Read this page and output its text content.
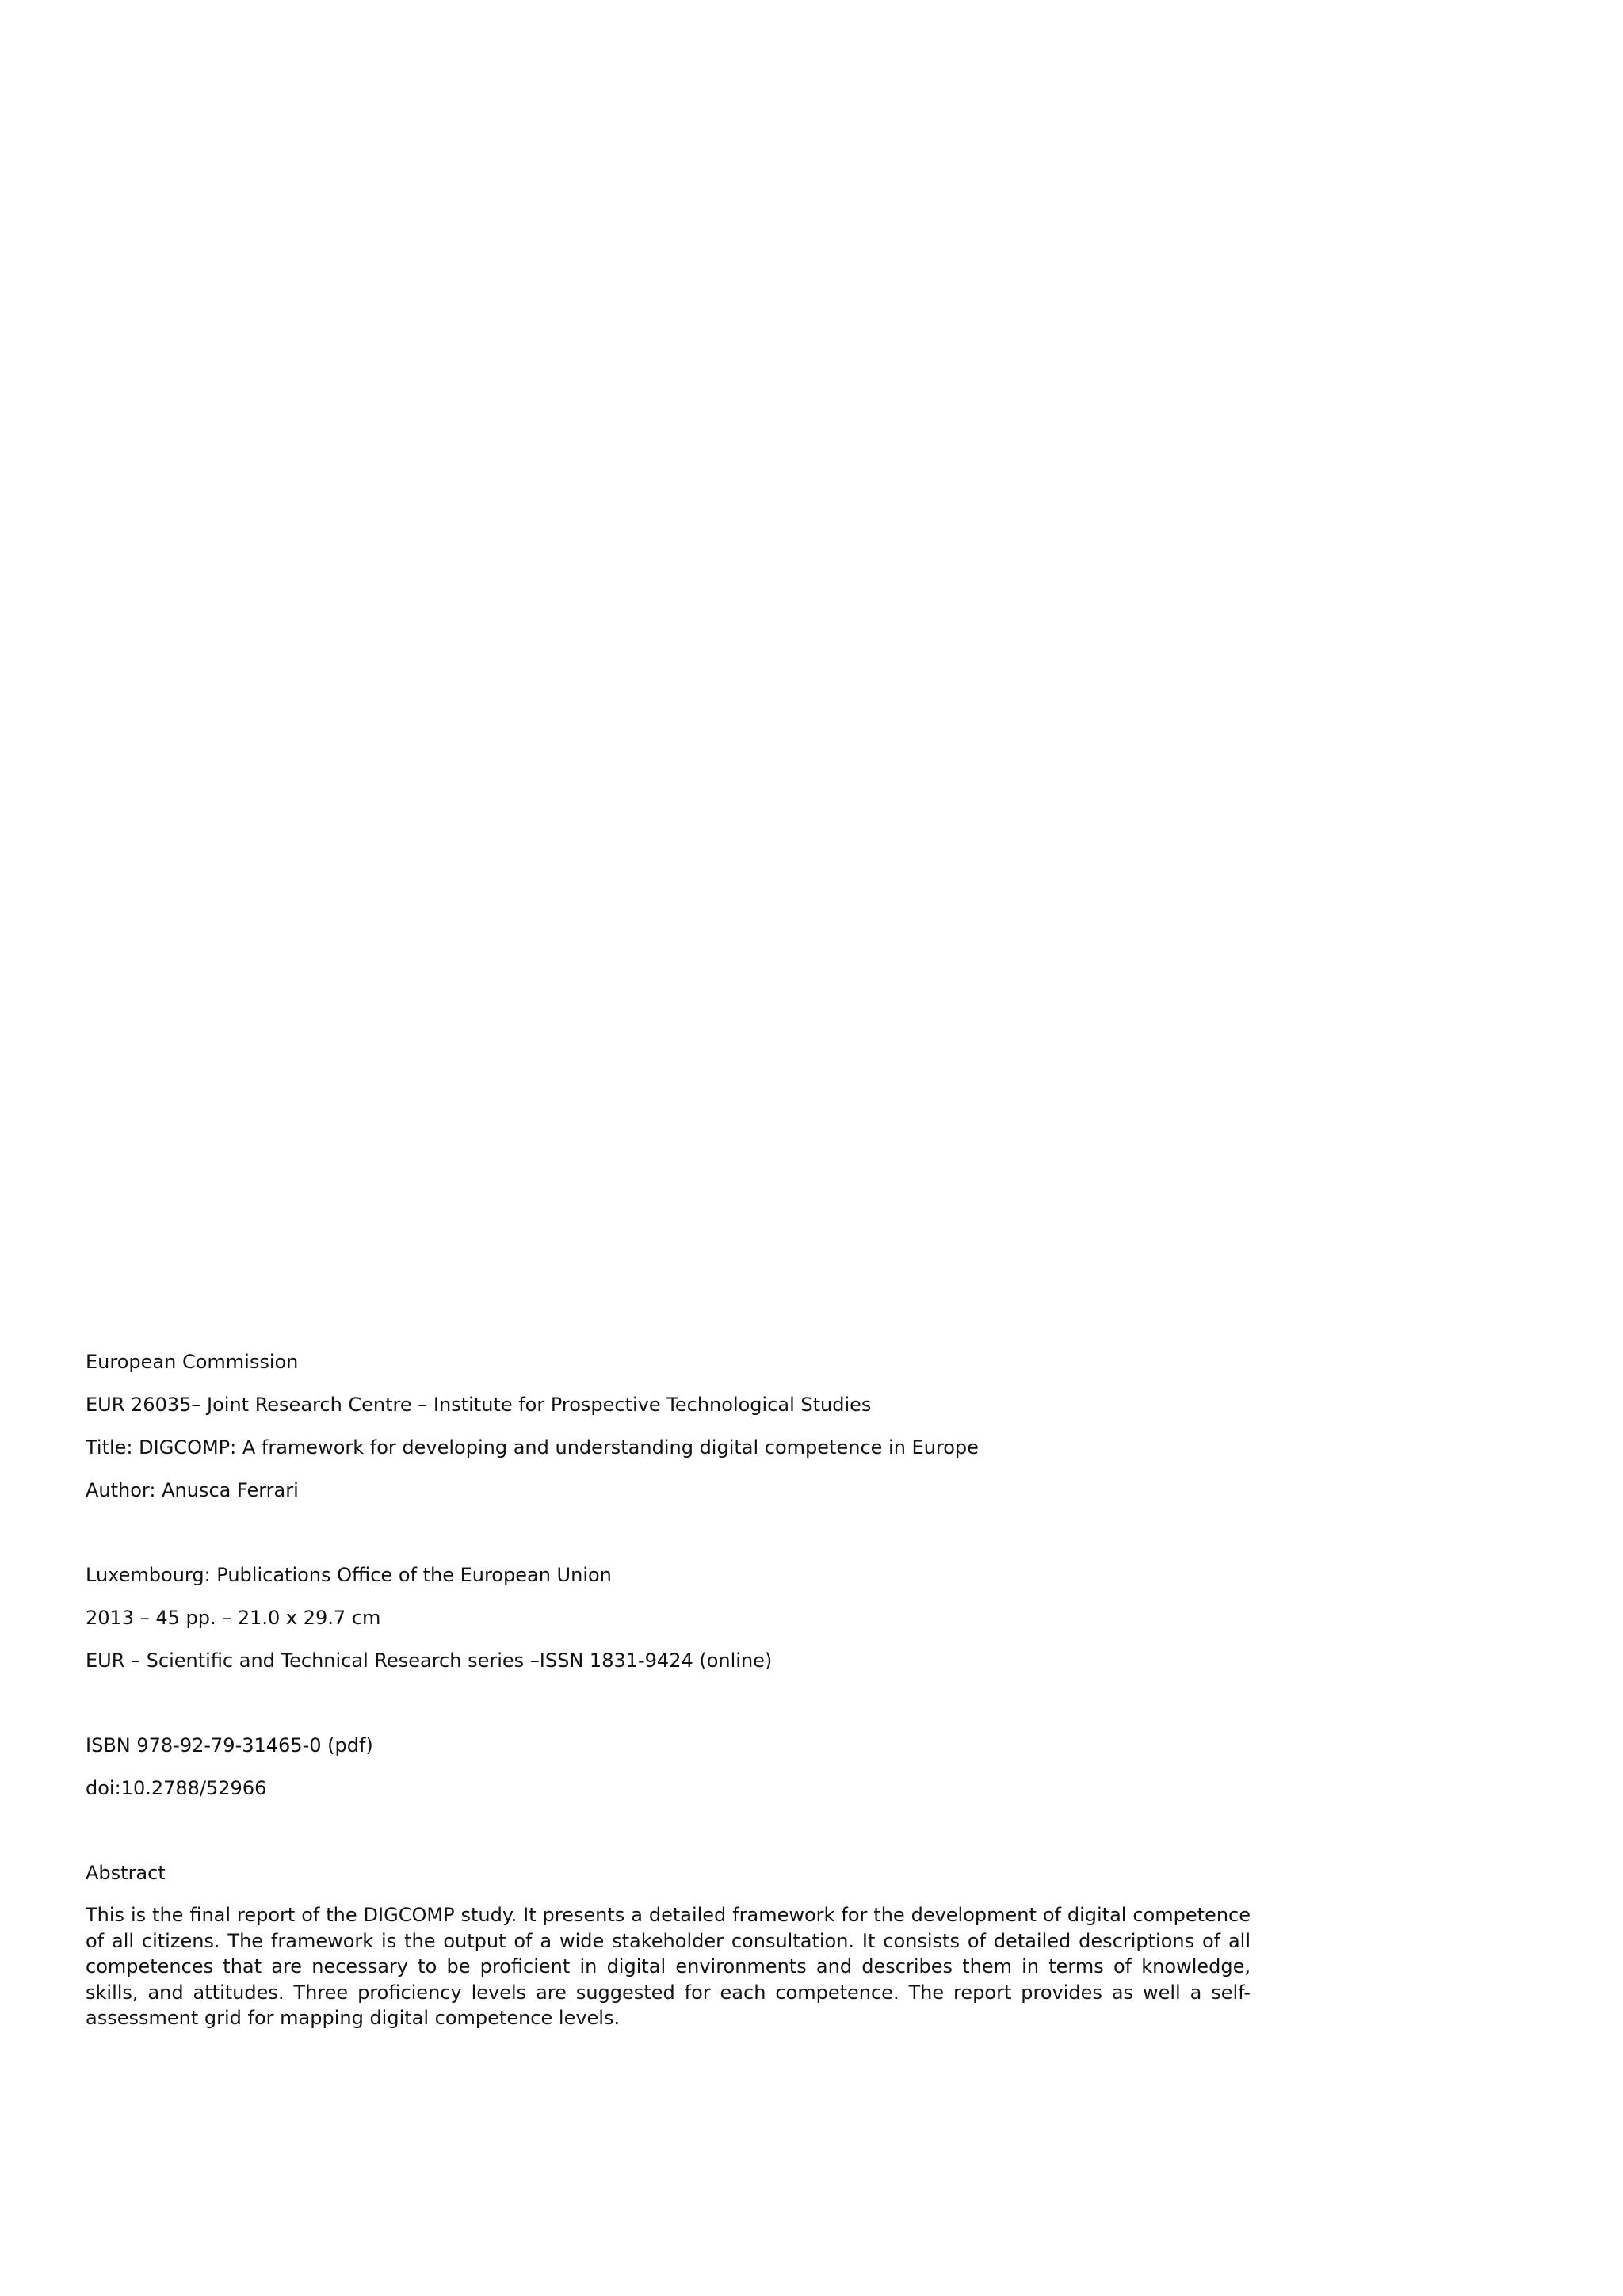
European Commission
EUR 26035– Joint Research Centre – Institute for Prospective Technological Studies
Title: DIGCOMP: A framework for developing and understanding digital competence in Europe
Author: Anusca Ferrari
Luxembourg: Publications Office of the European Union
2013 – 45 pp. – 21.0 x 29.7 cm
EUR – Scientific and Technical Research series –ISSN 1831-9424 (online)
ISBN 978-92-79-31465-0 (pdf)
doi:10.2788/52966
Abstract
This is the final report of the DIGCOMP study. It presents a detailed framework for the development of digital competence of all citizens. The framework is the output of a wide stakeholder consultation. It consists of detailed descriptions of all competences that are necessary to be proficient in digital environments and describes them in terms of knowledge, skills, and attitudes. Three proficiency levels are suggested for each competence. The report provides as well a self-assessment grid for mapping digital competence levels.
